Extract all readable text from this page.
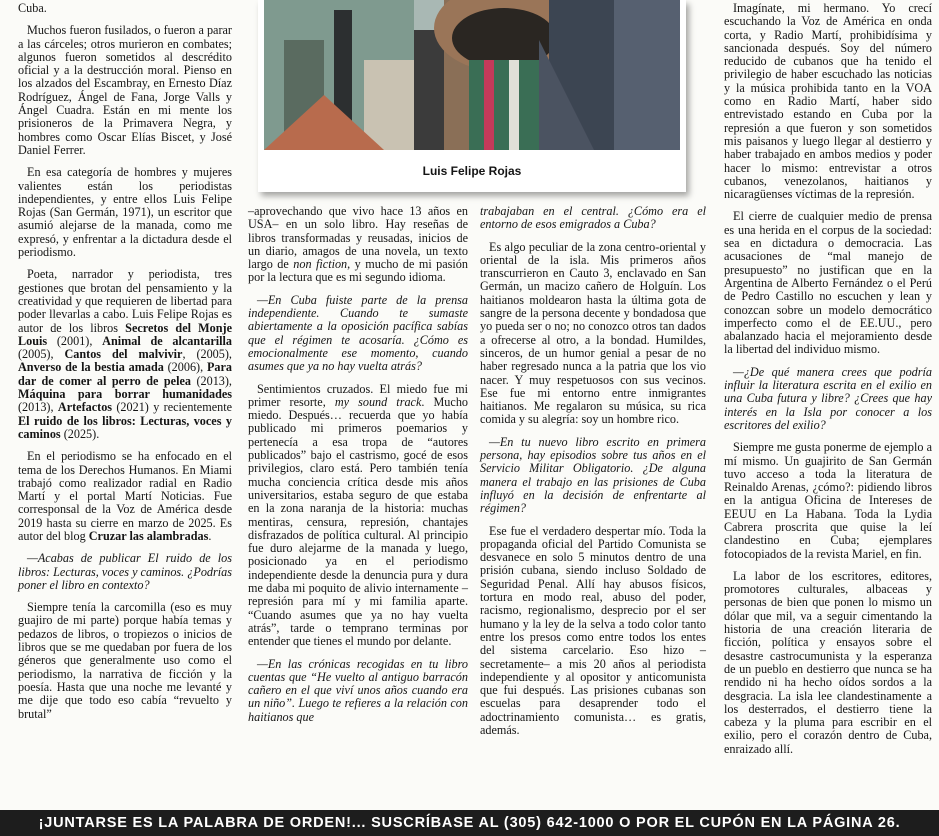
Cuba.

Muchos fueron fusilados, o fueron a parar a las cárceles; otros murieron en combates; algunos fueron sometidos al descrédito oficial y a la destrucción moral. Pienso en los alzados del Escambray, en Ernesto Díaz Rodríguez, Ángel de Fana, Jorge Valls y Ángel Cuadra. Están en mi mente los prisioneros de la Primavera Negra, y hombres como Oscar Elías Biscet, y José Daniel Ferrer.

En esa categoría de hombres y mujeres valientes están los periodistas independientes, y entre ellos Luis Felipe Rojas (San Germán, 1971), un escritor que asumió alejarse de la manada, como me expresó, y enfrentar a la dictadura desde el periodismo.

Poeta, narrador y periodista, tres gestiones que brotan del pensamiento y la creatividad y que requieren de libertad para poder llevarlas a cabo. Luis Felipe Rojas es autor de los libros Secretos del Monje Louis (2001), Animal de alcantarilla (2005), Cantos del malvivir, (2005), Anverso de la bestia amada (2006), Para dar de comer al perro de pelea (2013), Máquina para borrar humanidades (2013), Artefactos (2021) y recientemente El ruido de los libros: Lecturas, voces y caminos (2025).

En el periodismo se ha enfocado en el tema de los Derechos Humanos. En Miami trabajó como realizador radial en Radio Martí y el portal Martí Noticias. Fue corresponsal de la Voz de América desde 2019 hasta su cierre en marzo de 2025. Es autor del blog Cruzar las alambradas.

—Acabas de publicar El ruido de los libros: Lecturas, voces y caminos. ¿Podrías poner el libro en contexto?

Siempre tenía la carcomilla (eso es muy guajiro de mi parte) porque había temas y pedazos de libros, o tropiezos o inicios de libros que se me quedaban por fuera de los géneros que generalmente uso como el periodismo, la narrativa de ficción y la poesía. Hasta que una noche me levanté y me dije que todo eso cabía “revuelto y brutal”

Luis Felipe Rojas

–aprovechando que vivo hace 13 años en USA– en un solo libro. Hay reseñas de libros transformadas y reusadas, inicios de un diario, amagos de una novela, un texto largo de non fiction, y mucho de mi pasión por la lectura que es mi segundo idioma.

—En Cuba fuiste parte de la prensa independiente. Cuando te sumaste abiertamente a la oposición pacífica sabías que el régimen te acosaría. ¿Cómo es emocionalmente ese momento, cuando asumes que ya no hay vuelta atrás?

Sentimientos cruzados. El miedo fue mi primer resorte, my sound track. Mucho miedo. Después… recuerda que yo había publicado mi primeros poemarios y pertenecía a esa tropa de “autores publicados” bajo el castrismo, gocé de esos privilegios, claro está. Pero también tenía mucha conciencia crítica desde mis años universitarios, estaba seguro de que estaba en la zona naranja de la historia: muchas mentiras, censura, represión, chantajes disfrazados de política cultural. Al principio fue duro alejarme de la manada y luego, posicionado ya en el periodismo independiente desde la denuncia pura y dura me daba mi poquito de alivio internamente –represión para mí y mi familia aparte. “Cuando asumes que ya no hay vuelta atrás”, tarde o temprano terminas por entender que tienes el mundo por delante.

—En las crónicas recogidas en tu libro cuentas que “He vuelto al antiguo barracón cañero en el que viví unos años cuando era un niño”. Luego te refieres a la relación con haitianos que

trabajaban en el central. ¿Cómo era el entorno de esos emigrados a Cuba?

Es algo peculiar de la zona centro-oriental y oriental de la isla. Mis primeros años transcurrieron en Cauto 3, enclavado en San Germán, un macizo cañero de Holguín. Los haitianos moldearon hasta la última gota de sangre de la persona decente y bondadosa que yo pueda ser o no; no conozco otros tan dados a ofrecerse al otro, a la bondad. Humildes, sinceros, de un humor genial a pesar de no haber regresado nunca a la patria que los vio nacer. Y muy respetuosos con sus vecinos. Ese fue mi entorno entre inmigrantes haitianos. Me regalaron su música, su rica comida y su alegría: soy un hombre rico.

—En tu nuevo libro escrito en primera persona, hay episodios sobre tus años en el Servicio Militar Obligatorio. ¿De alguna manera el trabajo en las prisiones de Cuba influyó en la decisión de enfrentarte al régimen?

Ese fue el verdadero despertar mío. Toda la propaganda oficial del Partido Comunista se desvanece en solo 5 minutos dentro de una prisión cubana, siendo incluso Soldado de Seguridad Penal. Allí hay abusos físicos, tortura en modo real, abuso del poder, racismo, regionalismo, desprecio por el ser humano y la ley de la selva a todo color tanto entre los presos como entre todos los entes del sistema carcelario. Eso hizo –secretamente– a mis 20 años al periodista independiente y al opositor y anticomunista que fui después. Las prisiones cubanas son escuelas para desaprender todo el adoctrinamiento comunista… es gratis, además.

Imagínate, mi hermano. Yo crecí escuchando la Voz de América en onda corta, y Radio Martí, prohibidísima y sancionada después. Soy del número reducido de cubanos que ha tenido el privilegio de haber escuchado las noticias y la música prohibida tanto en la VOA como en Radio Martí, haber sido entrevistado estando en Cuba por la represión a que fueron y son sometidos mis paisanos y luego llegar al destierro y haber trabajado en ambos medios y poder hacer lo mismo: entrevistar a otros cubanos, venezolanos, haitianos y nicaragüenses víctimas de la represión.

El cierre de cualquier medio de prensa es una herida en el corpus de la sociedad: sea en dictadura o democracia. Las acusaciones de “mal manejo de presupuesto” no justifican que en la Argentina de Alberto Fernández o el Perú de Pedro Castillo no escuchen y lean y conozcan sobre un modelo democrático imperfecto como el de EE.UU., pero abalanzado hacia el mejoramiento desde la libertad del individuo mismo.

—¿De qué manera crees que podría influir la literatura escrita en el exilio en una Cuba futura y libre? ¿Crees que hay interés en la Isla por conocer a los escritores del exilio?

Siempre me gusta ponerme de ejemplo a mí mismo. Un guajirito de San Germán tuvo acceso a toda la literatura de Reinaldo Arenas, ¿cómo?: pidiendo libros en la antigua Oficina de Intereses de EEUU en La Habana. Toda la Lydia Cabrera proscrita que quise la leí clandestino en Cuba; ejemplares fotocopiados de la revista Mariel, en fin.

La labor de los escritores, editores, promotores culturales, albaceas y personas de bien que ponen lo mismo un dólar que mil, va a seguir cimentando la historia de una creación literaria de ficción, política y ensayos sobre el desastre castrocumunista y la esperanza de un pueblo en destierro que nunca se ha rendido ni ha hecho oídos sordos a la desgracia. La isla lee clandestinamente a los desterrados, el destierro tiene la cabeza y la pluma para escribir en el exilio, pero el corazón dentro de Cuba, enraizado allí.

¡JUNTARSE ES LA PALABRA DE ORDEN!... SUSCRÍBASE AL (305) 642-1000 O POR EL CUPÓN EN LA PÁGINA 26.
